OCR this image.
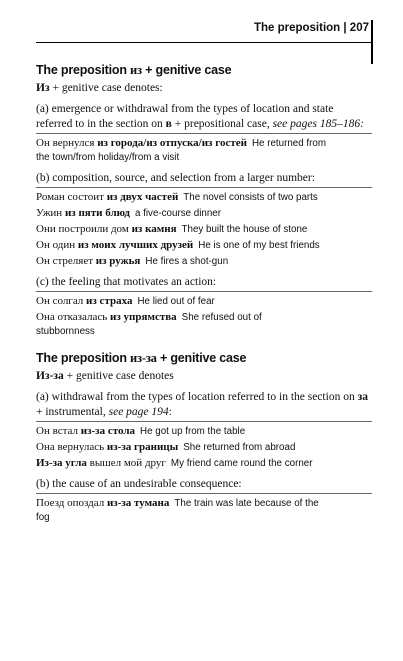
The preposition | 207
The preposition из + genitive case
Из + genitive case denotes:
(a) emergence or withdrawal from the types of location and state referred to in the section on в + prepositional case, see pages 185–186:
Он вернулся из города/из отпуска/из гостей He returned from
the town/from holiday/from a visit
(b) composition, source, and selection from a larger number:
Роман состоит из двух частей The novel consists of two parts
Ужин из пяти блюд a five-course dinner
Они построили дом из камня They built the house of stone
Он один из моих лучших друзей He is one of my best friends
Он стреляет из ружья He fires a shot-gun
(c) the feeling that motivates an action:
Он солгал из страха He lied out of fear
Она отказалась из упрямства She refused out of
stubbornness
The preposition из-за + genitive case
Из-за + genitive case denotes
(a) withdrawal from the types of location referred to in the section on за + instrumental, see page 194:
Он встал из-за стола He got up from the table
Она вернулась из-за границы She returned from abroad
Из-за угла вышел мой друг My friend came round the corner
(b) the cause of an undesirable consequence:
Поезд опоздал из-за тумана The train was late because of the
fog
